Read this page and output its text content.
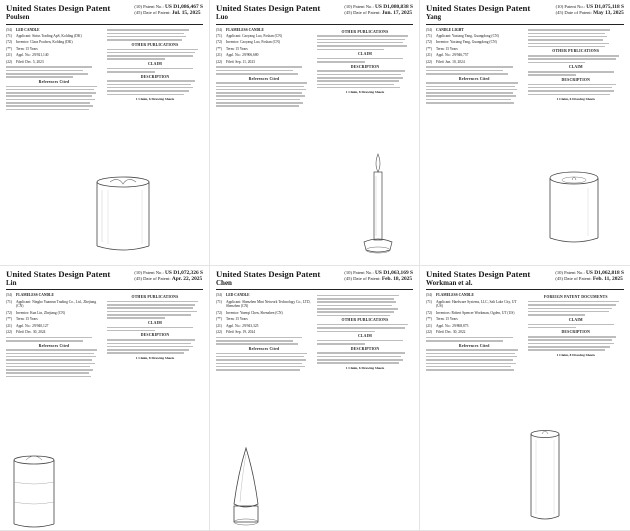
United States Design Patent
Poulsen
(10) Patent No.: US D1,086,467 S
(45) Date of Patent: Jul. 15, 2025
(54)	LED CANDLE
(71)	Applicant: Sirius Trading ApS, Kolding (DK)
(72)	Inventor: Claus Poulsen, Kolding (DK)
(**)	Term: 15 Years
(21)	Appl. No.: 29/921,140
(22)	Filed: Dec. 5, 2023
References Cited
OTHER PUBLICATIONS
CLAIM
DESCRIPTION
1 Claim, 6 Drawing Sheets
United States Design Patent
Luo
(10) Patent No.: US D1,080,838 S
(45) Date of Patent: Jun. 17, 2025
(54)	FLAMELESS CANDLE
(71)	Applicant: Caoyang Luo, Foshan (CN)
(72)	Inventor: Caoyang Luo, Foshan (CN)
(**)	Term: 15 Years
(21)	Appl. No.: 29/906,680
(22)	Filed: Sep. 11, 2023
References Cited
OTHER PUBLICATIONS
CLAIM
DESCRIPTION
1 Claim, 8 Drawing Sheets
United States Design Patent
Yang
(10) Patent No.: US D1,075,118 S
(45) Date of Patent: May 13, 2025
(54)	CANDLE LIGHT
(71)	Applicant: Yaxiang Yang, Guangdong (CN)
(72)	Inventor: Yaxiang Yang, Guangdong (CN)
(**)	Term: 15 Years
(21)	Appl. No.: 29/946,757
(22)	Filed: Jun. 10, 2024
References Cited
OTHER PUBLICATIONS
CLAIM
DESCRIPTION
1 Claim, 6 Drawing Sheets
United States Design Patent
Lin
(10) Patent No.: US D1,072,326 S
(45) Date of Patent: Apr. 22, 2025
(54)	FLAMELESS CANDLE
(71)	Applicant: Ningbo Yuanrun Trading Co., Ltd., Zhejiang (CN)
(72)	Inventor: Kun Lin, Zhejiang (CN)
(**)	Term: 15 Years
(21)	Appl. No.: 29/940,127
(22)	Filed: Dec. 30, 2024
References Cited
OTHER PUBLICATIONS
CLAIM
DESCRIPTION
1 Claim, 8 Drawing Sheets
United States Design Patent
Chen
(10) Patent No.: US D1,063,169 S
(45) Date of Patent: Feb. 18, 2025
(54)	LED CANDLE
(71)	Applicant: Shenzhen Mini Network Technology Co., LTD, Shenzhen (CN)
(72)	Inventor: Yuenqi Chen, Shenzhen (CN)
(**)	Term: 15 Years
(21)	Appl. No.: 29/943,325
(22)	Filed: Sep. 19, 2024
References Cited
OTHER PUBLICATIONS
CLAIM
DESCRIPTION
1 Claim, 6 Drawing Sheets
United States Design Patent
Workman et al.
(10) Patent No.: US D1,062,818 S
(45) Date of Patent: Feb. 11, 2025
(54)	FLAMELESS CANDLE
(71)	Applicant: Hardware Systems, LLC, Salt Lake City, UT (US)
(72)	Inventors: Robert Spencer Workman, Ogden, UT (US)
(**)	Term: 15 Years
(21)	Appl. No.: 29/868,873
(22)	Filed: Dec. 30, 2022
References Cited
FOREIGN PATENT DOCUMENTS
CLAIM
DESCRIPTION
1 Claim, 8 Drawing Sheets
